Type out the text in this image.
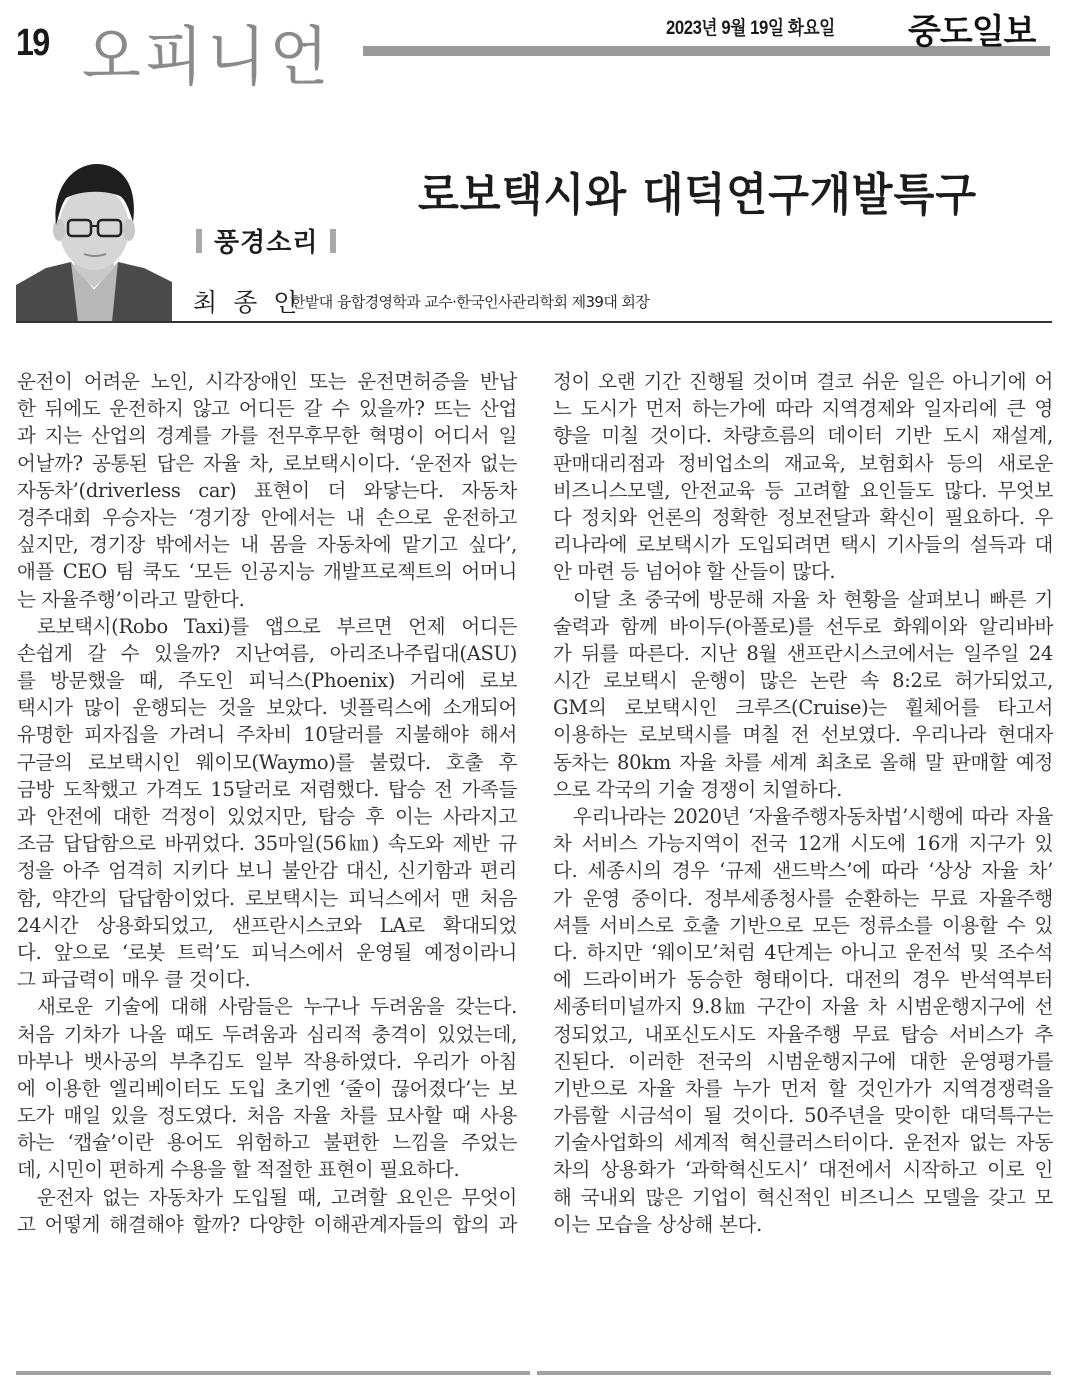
19 오피니언	2023년 9월 19일 화요일 중도일보
로보택시와 대덕연구개발특구
풍경소리
최 종 인
한밭대 융합경영학과 교수·한국인사관리학회 제39대 회장
운전이 어려운 노인, 시각장애인 또는 운전면허증을 반납
한 뒤에도 운전하지 않고 어디든 갈 수 있을까? 뜨는 산업
과 지는 산업의 경계를 가를 전무후무한 혁명이 어디서 일
어날까? 공통된 답은 자율 차, 로보택시이다. ‘운전자 없는
자동차’(driverless car) 표현이 더 와닿는다. 자동차
경주대회 우승자는 ‘경기장 안에서는 내 손으로 운전하고
싶지만, 경기장 밖에서는 내 몸을 자동차에 맡기고 싶다’,
애플 CEO 팀 쿡도 ‘모든 인공지능 개발프로젝트의 어머니
는 자율주행’이라고 말한다.
로보택시(Robo Taxi)를 앱으로 부르면 언제 어디든
손쉽게 갈 수 있을까? 지난여름, 아리조나주립대(ASU)
를 방문했을 때, 주도인 피닉스(Phoenix) 거리에 로보
택시가 많이 운행되는 것을 보았다. 넷플릭스에 소개되어
유명한 피자집을 가려니 주차비 10달러를 지불해야 해서
구글의 로보택시인 웨이모(Waymo)를 불렀다. 호출 후
금방 도착했고 가격도 15달러로 저렴했다. 탑승 전 가족들
과 안전에 대한 걱정이 있었지만, 탑승 후 이는 사라지고
조금 답답함으로 바뀌었다. 35마일(56㎞) 속도와 제반 규
정을 아주 엄격히 지키다 보니 불안감 대신, 신기함과 편리
함, 약간의 답답함이었다. 로보택시는 피닉스에서 맨 처음
24시간 상용화되었고, 샌프란시스코와 LA로 확대되었
다. 앞으로 ‘로봇 트럭’도 피닉스에서 운영될 예정이라니
그 파급력이 매우 클 것이다.
새로운 기술에 대해 사람들은 누구나 두려움을 갖는다.
처음 기차가 나올 때도 두려움과 심리적 충격이 있었는데,
마부나 뱃사공의 부추김도 일부 작용하였다. 우리가 아침
에 이용한 엘리베이터도 도입 초기엔 ‘줄이 끊어졌다’는 보
도가 매일 있을 정도였다. 처음 자율 차를 묘사할 때 사용
하는 ‘캡슐’이란 용어도 위험하고 불편한 느낌을 주었는
데, 시민이 편하게 수용을 할 적절한 표현이 필요하다.
운전자 없는 자동차가 도입될 때, 고려할 요인은 무엇이
고 어떻게 해결해야 할까? 다양한 이해관계자들의 합의 과
정이 오랜 기간 진행될 것이며 결코 쉬운 일은 아니기에 어
느 도시가 먼저 하는가에 따라 지역경제와 일자리에 큰 영
향을 미칠 것이다. 차량흐름의 데이터 기반 도시 재설계,
판매대리점과 정비업소의 재교육, 보험회사 등의 새로운
비즈니스모델, 안전교육 등 고려할 요인들도 많다. 무엇보
다 정치와 언론의 정확한 정보전달과 확신이 필요하다. 우
리나라에 로보택시가 도입되려면 택시 기사들의 설득과 대
안 마련 등 넘어야 할 산들이 많다.
이달 초 중국에 방문해 자율 차 현황을 살펴보니 빠른 기
술력과 함께 바이두(아폴로)를 선두로 화웨이와 알리바바
가 뒤를 따른다. 지난 8월 샌프란시스코에서는 일주일 24
시간 로보택시 운행이 많은 논란 속 8:2로 허가되었고,
GM의 로보택시인 크루즈(Cruise)는 휠체어를 타고서
이용하는 로보택시를 며칠 전 선보였다. 우리나라 현대자
동차는 80km 자율 차를 세계 최초로 올해 말 판매할 예정
으로 각국의 기술 경쟁이 치열하다.
우리나라는 2020년 ‘자율주행자동차법’시행에 따라 자율
차 서비스 가능지역이 전국 12개 시도에 16개 지구가 있
다. 세종시의 경우 ‘규제 샌드박스’에 따라 ‘상상 자율 차’
가 운영 중이다. 정부세종청사를 순환하는 무료 자율주행
셔틀 서비스로 호출 기반으로 모든 정류소를 이용할 수 있
다. 하지만 ‘웨이모’처럼 4단계는 아니고 운전석 및 조수석
에 드라이버가 동승한 형태이다. 대전의 경우 반석역부터
세종터미널까지 9.8㎞ 구간이 자율 차 시범운행지구에 선
정되었고, 내포신도시도 자율주행 무료 탑승 서비스가 추
진된다. 이러한 전국의 시범운행지구에 대한 운영평가를
기반으로 자율 차를 누가 먼저 할 것인가가 지역경쟁력을
가름할 시금석이 될 것이다. 50주년을 맞이한 대덕특구는
기술사업화의 세계적 혁신클러스터이다. 운전자 없는 자동
차의 상용화가 ‘과학혁신도시’ 대전에서 시작하고 이로 인
해 국내외 많은 기업이 혁신적인 비즈니스 모델을 갖고 모
이는 모습을 상상해 본다.
